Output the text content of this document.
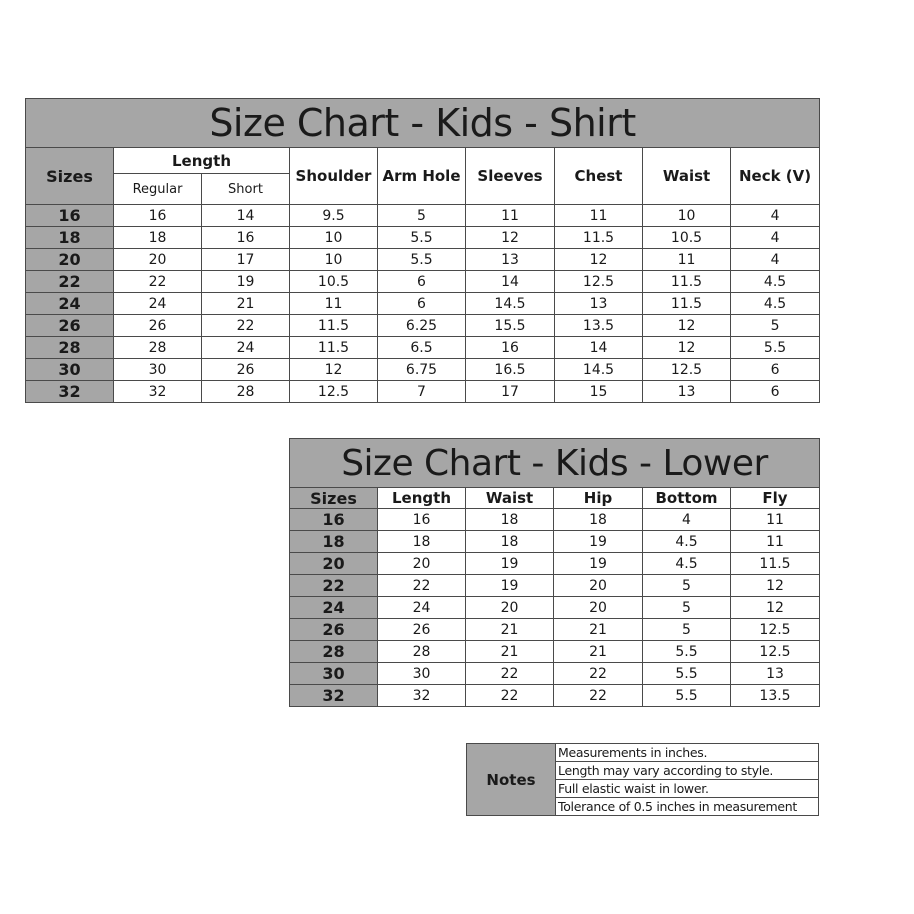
Size Chart - Kids - Shirt								
Sizes	Length		Shoulder	Arm Hole	Sleeves	Chest	Waist	Neck (V)
	Regular	Short						
16	16	14	9.5	5	11	11	10	4
18	18	16	10	5.5	12	11.5	10.5	4
20	20	17	10	5.5	13	12	11	4
22	22	19	10.5	6	14	12.5	11.5	4.5
24	24	21	11	6	14.5	13	11.5	4.5
26	26	22	11.5	6.25	15.5	13.5	12	5
28	28	24	11.5	6.5	16	14	12	5.5
30	30	26	12	6.75	16.5	14.5	12.5	6
32	32	28	12.5	7	17	15	13	6
Size Chart - Kids - Lower					
Sizes	Length	Waist	Hip	Bottom	Fly
16	16	18	18	4	11
18	18	18	19	4.5	11
20	20	19	19	4.5	11.5
22	22	19	20	5	12
24	24	20	20	5	12
26	26	21	21	5	12.5
28	28	21	21	5.5	12.5
30	30	22	22	5.5	13
32	32	22	22	5.5	13.5
Notes	Measurements in inches.
Length may vary according to style.
Full elastic waist in lower.
Tolerance of 0.5 inches in measurement
